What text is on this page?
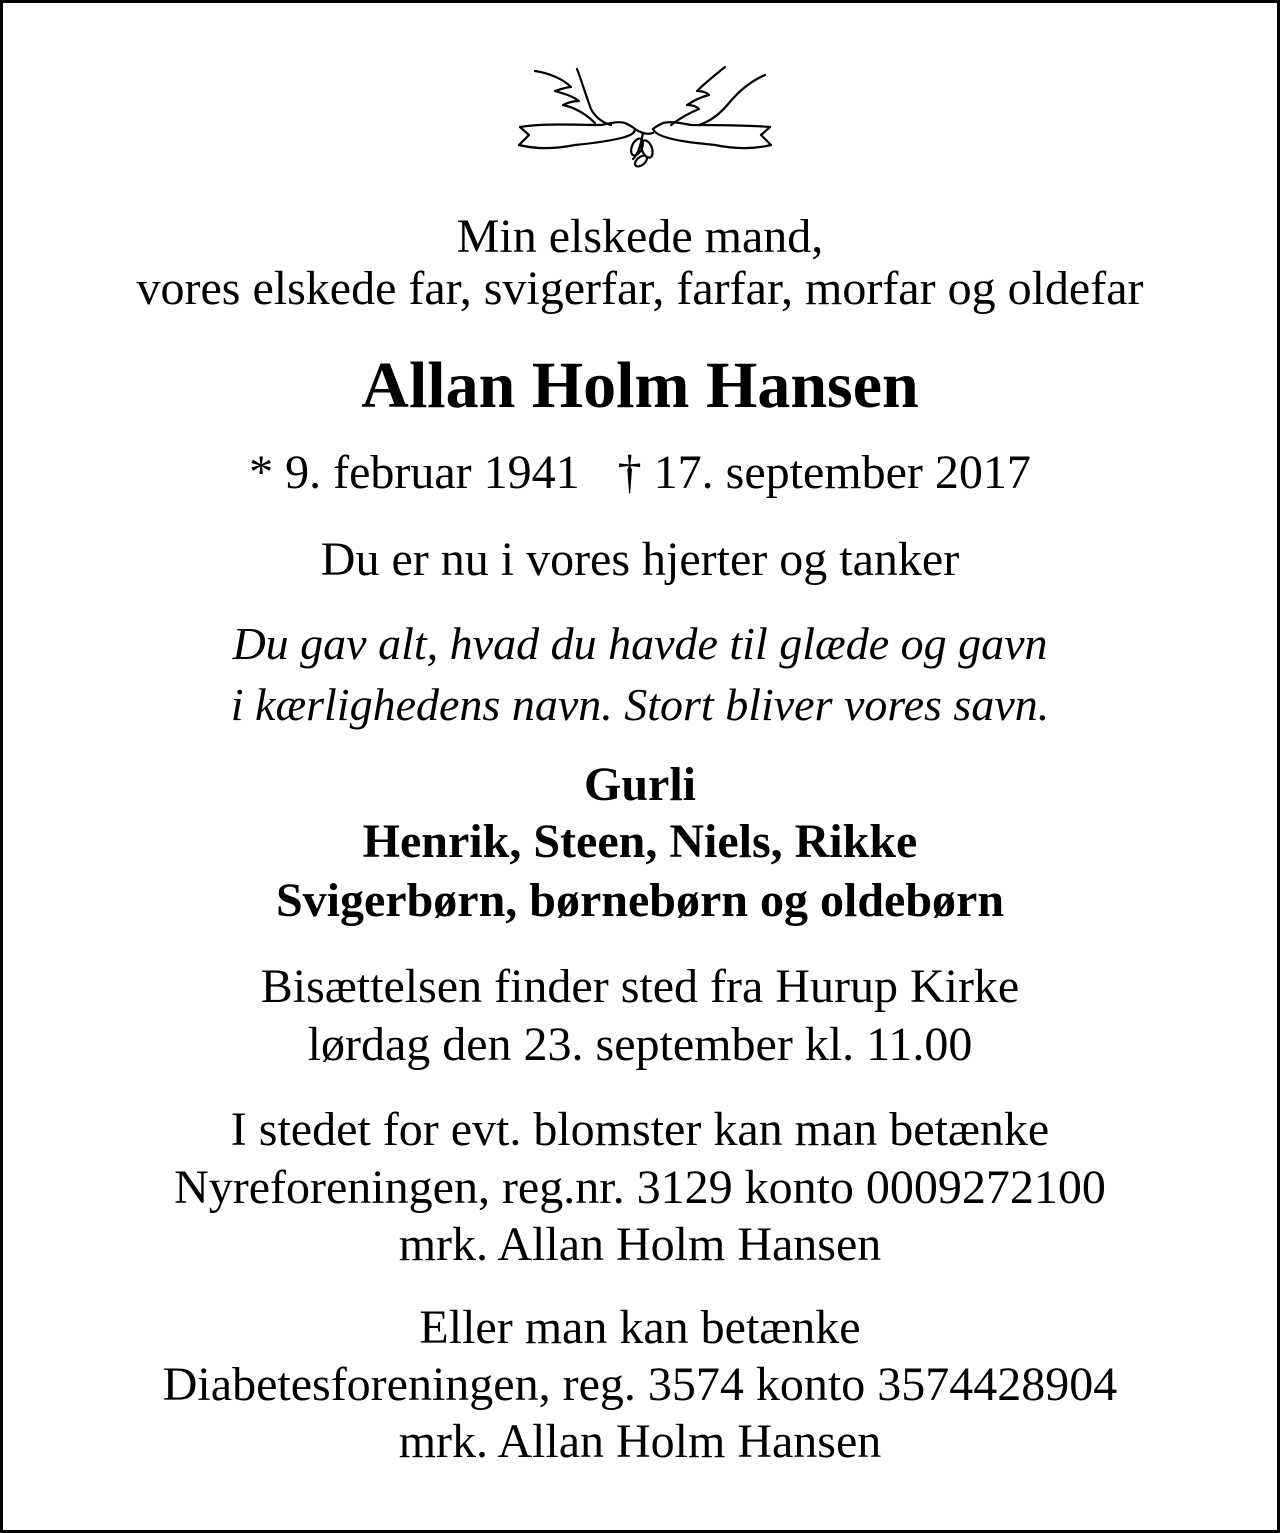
Min elskede mand,
vores elskede far, svigerfar, farfar, morfar og oldefar
Allan Holm Hansen
* 9. februar 1941 † 17. september 2017
Du er nu i vores hjerter og tanker
Du gav alt, hvad du havde til glæde og gavn
i kærlighedens navn. Stort bliver vores savn.
Gurli
Henrik, Steen, Niels, Rikke
Svigerbørn, børnebørn og oldebørn
Bisættelsen finder sted fra Hurup Kirke
lørdag den 23. september kl. 11.00
I stedet for evt. blomster kan man betænke
Nyreforeningen, reg.nr. 3129 konto 0009272100
mrk. Allan Holm Hansen
Eller man kan betænke
Diabetesforeningen, reg. 3574 konto 3574428904
mrk. Allan Holm Hansen
